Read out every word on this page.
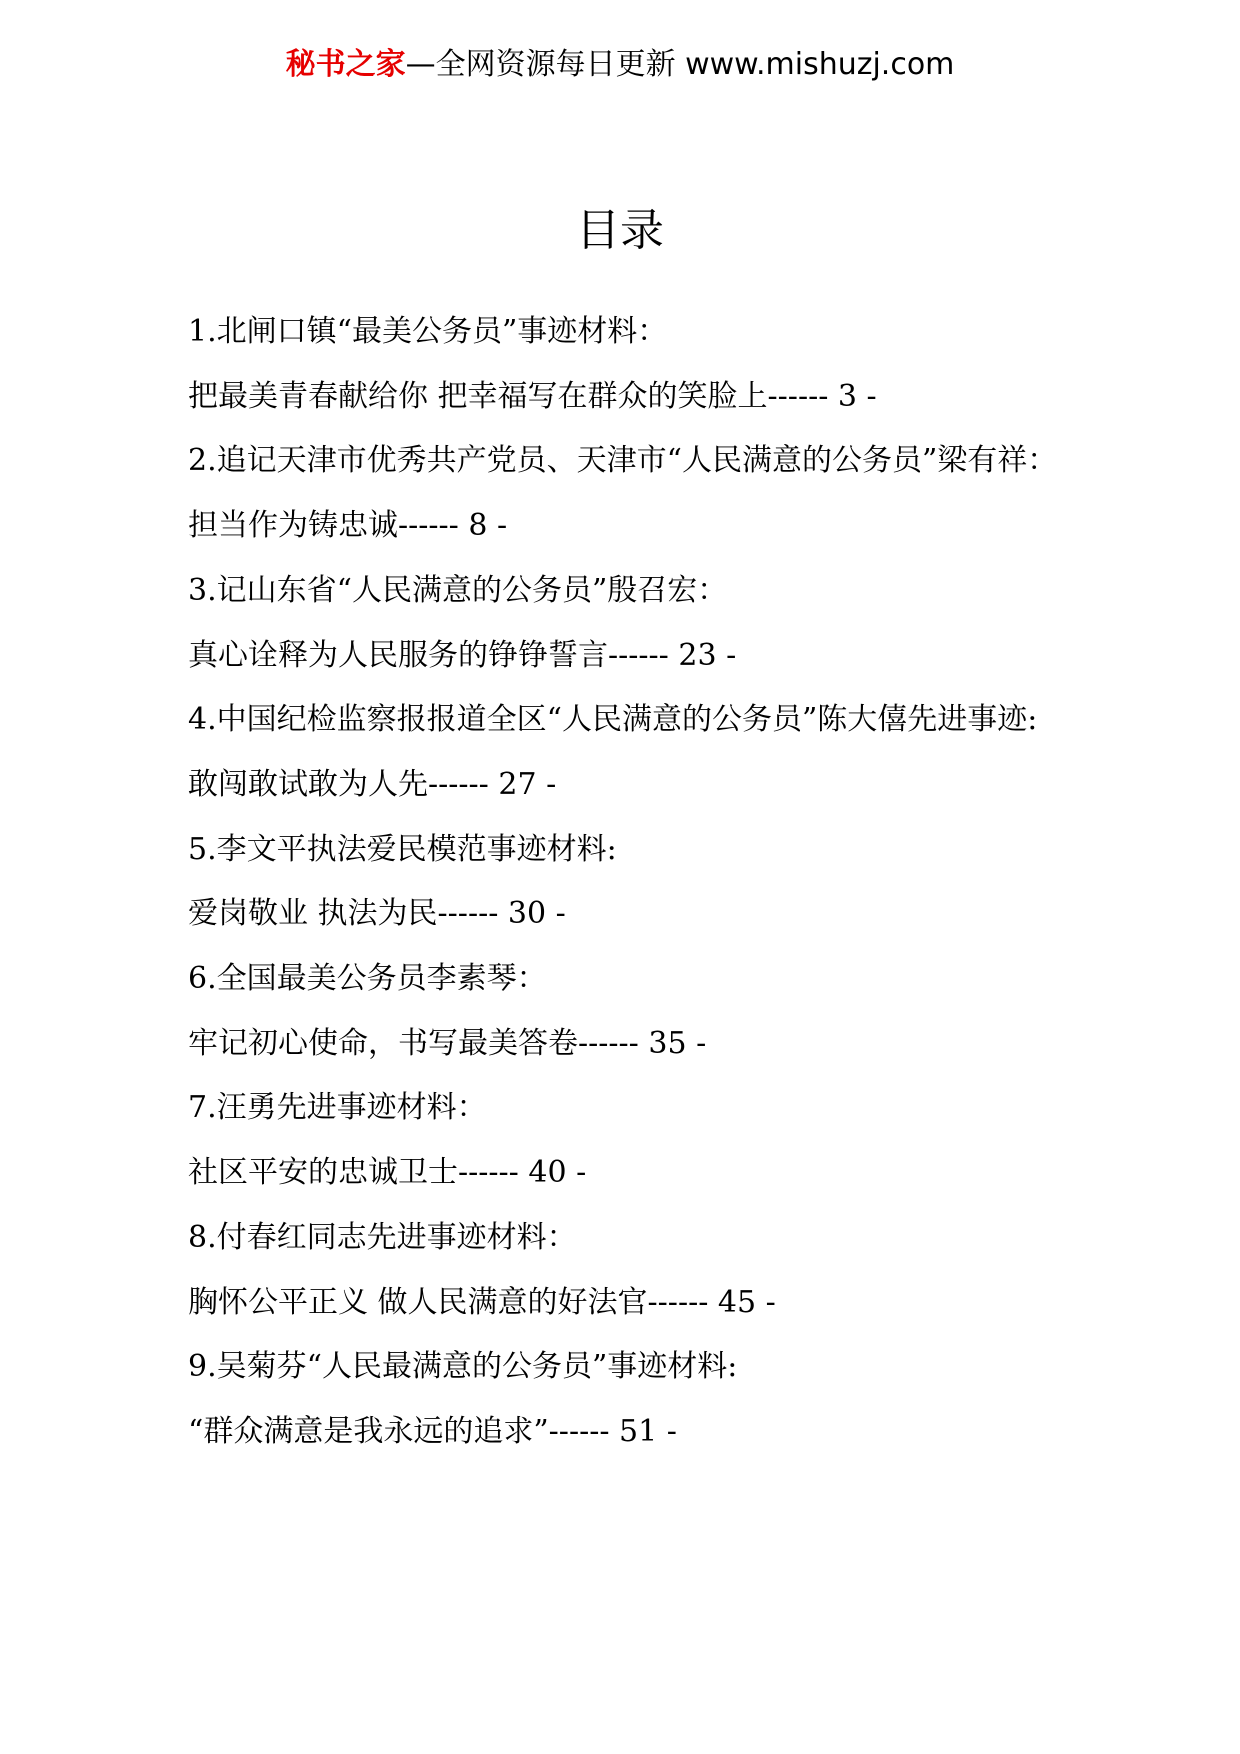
秘书之家—全网资源每日更新 www.mishuzj.com
目录
1.北闸口镇“最美公务员”事迹材料：
把最美青春献给你 把幸福写在群众的笑脸上------ 3 -
2.追记天津市优秀共产党员、天津市“人民满意的公务员”梁有祥：
担当作为铸忠诚------ 8 -
3.记山东省“人民满意的公务员”殷召宏：
真心诠释为人民服务的铮铮誓言------ 23 -
4.中国纪检监察报报道全区“人民满意的公务员”陈大僖先进事迹:
敢闯敢试敢为人先------ 27 -
5.李文平执法爱民模范事迹材料:
爱岗敬业 执法为民------ 30 -
6.全国最美公务员李素琴：
牢记初心使命，书写最美答卷------ 35 -
7.汪勇先进事迹材料：
社区平安的忠诚卫士------ 40 -
8.付春红同志先进事迹材料：
胸怀公平正义 做人民满意的好法官------ 45 -
9.吴菊芬“人民最满意的公务员”事迹材料:
“群众满意是我永远的追求”------ 51 -
